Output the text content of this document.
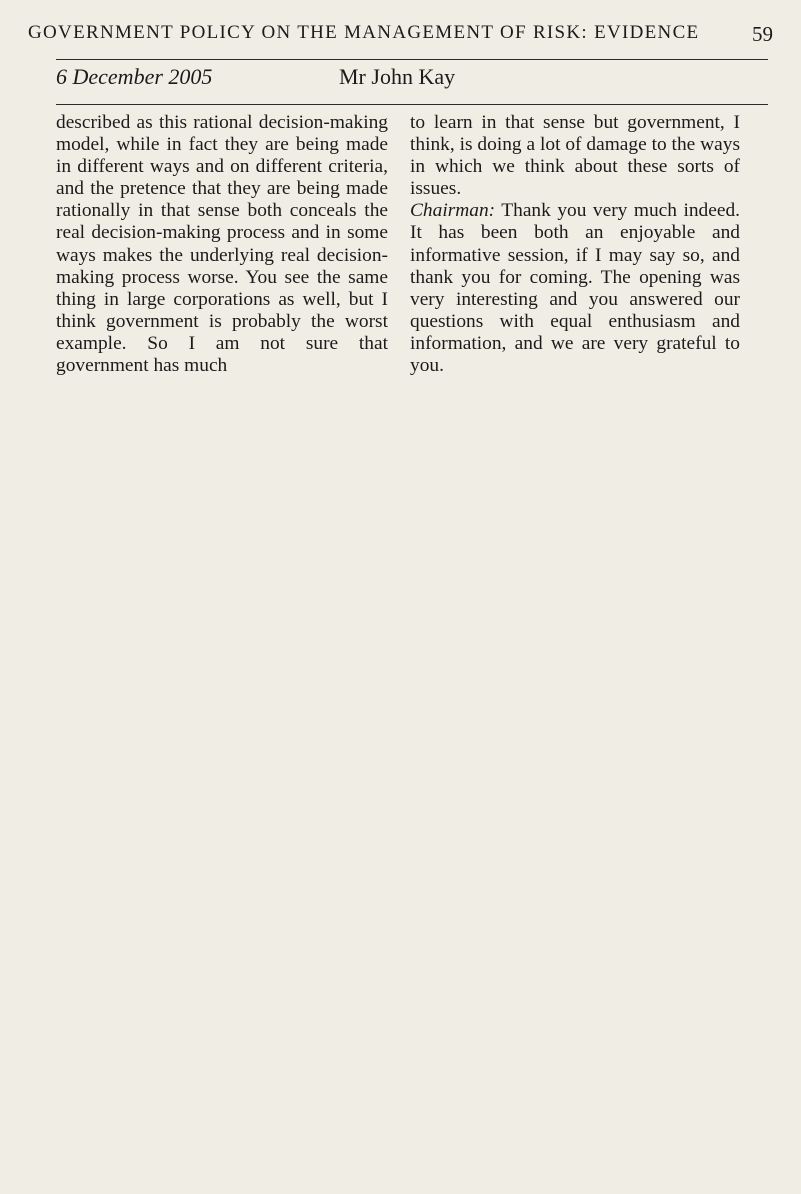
GOVERNMENT POLICY ON THE MANAGEMENT OF RISK: EVIDENCE	59
6 December 2005	Mr John Kay

described as this rational decision-making model, while in fact they are being made in different ways and on different criteria, and the pretence that they are being made rationally in that sense both conceals the real decision-making process and in some ways makes the underlying real decision-making process worse. You see the same thing in large corporations as well, but I think government is probably the worst example. So I am not sure that government has much

to learn in that sense but government, I think, is doing a lot of damage to the ways in which we think about these sorts of issues.

Chairman: Thank you very much indeed. It has been both an enjoyable and informative session, if I may say so, and thank you for coming. The opening was very interesting and you answered our questions with equal enthusiasm and information, and we are very grateful to you.
